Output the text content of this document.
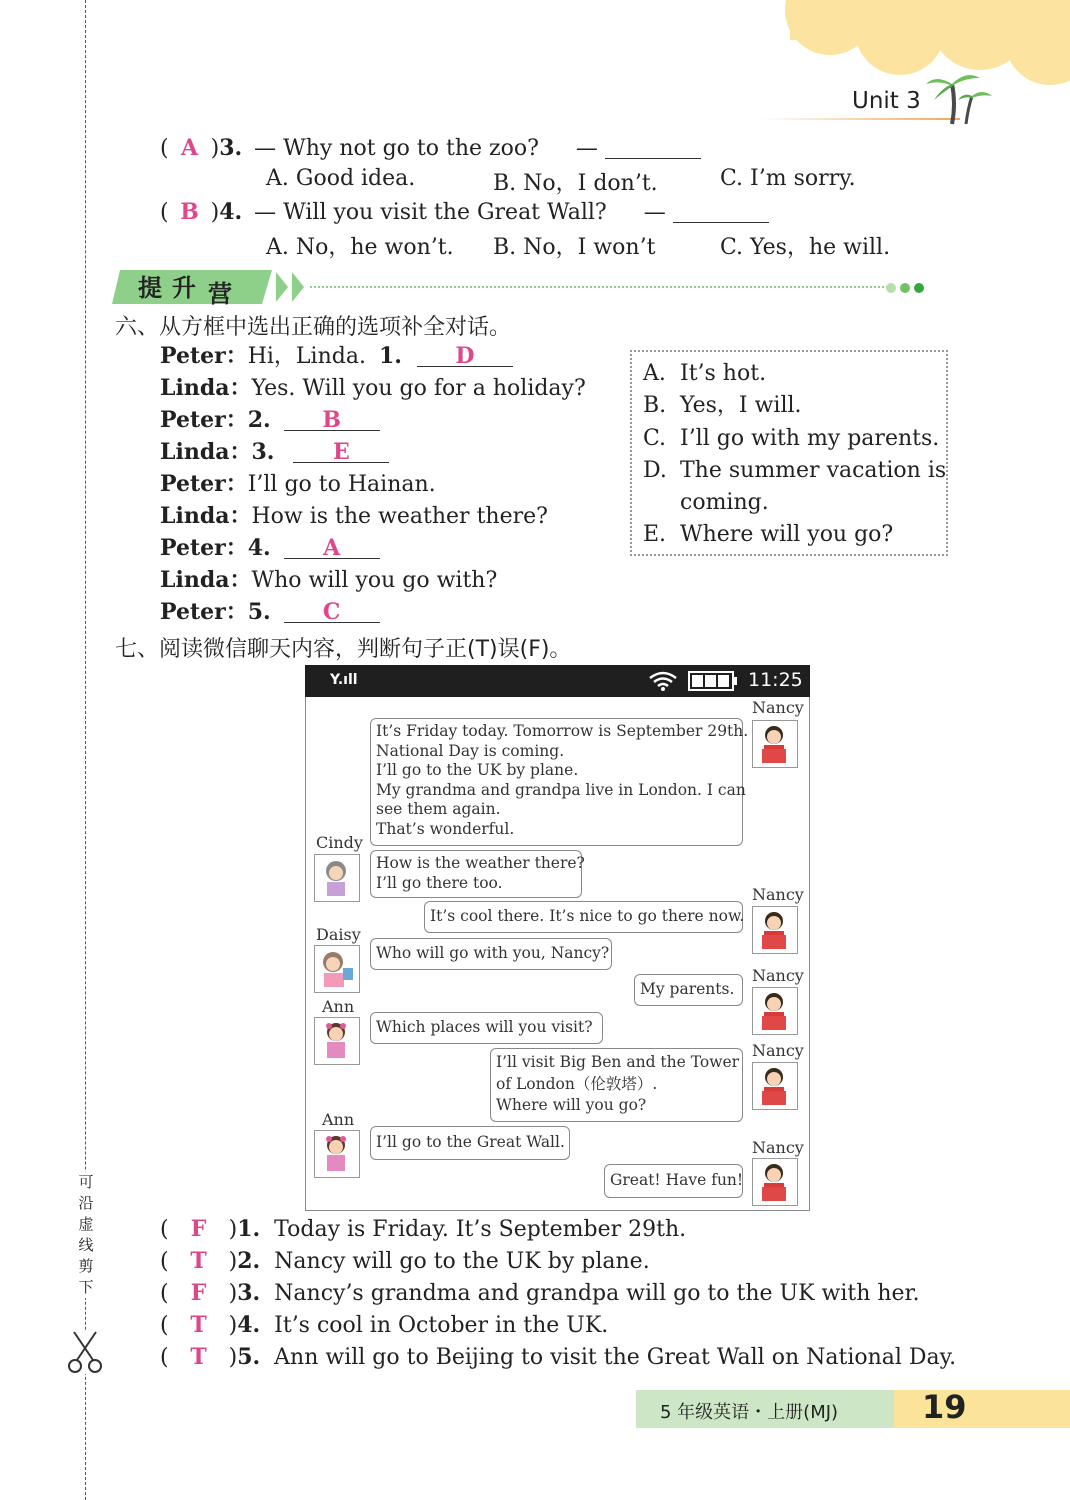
可
沿
虚
线
剪
下
Unit 3
( A )3. — Why not go to the zoo? —
A. Good idea.	B. No，I don’t.	C. I’m sorry.
( B )4. — Will you visit the Great Wall? —
A. No，he won’t. B. No，I won’t	C. Yes，he will.
提 升 营
六、从方框中选出正确的选项补全对话。
Peter：Hi，Linda. 1. D
Linda：Yes. Will you go for a holiday?
Peter：2. B
Linda：3.	E
Peter：I’ll go to Hainan.
Linda：How is the weather there?
Peter：4. A
Linda：Who will you go with?
Peter：5. C
A. It’s hot.
B. Yes，I will.
C. I’ll go with my parents.
D. The summer vacation is
coming.
E. Where will you go?
七、阅读微信聊天内容，判断句子正(T)误(F)。
Y.ıll	11:25
Nancy
It’s Friday today. Tomorrow is September 29th.
National Day is coming.
I’ll go to the UK by plane.
My grandma and grandpa live in London. I can
see them again.
That’s wonderful.
Cindy
How is the weather there?
I’ll go there too.
Nancy
It’s cool there. It’s nice to go there now.
Daisy
Who will go with you, Nancy?
Nancy
My parents.
Ann
Which places will you visit?
Nancy
I’ll visit Big Ben and the Tower
of London（伦敦塔）.
Where will you go?
Ann
I’ll go to the Great Wall.	Nancy
Great! Have fun!
( F )1. Today is Friday. It’s September 29th.
( T )2. Nancy will go to the UK by plane.
( F )3. Nancy’s grandma and grandpa will go to the UK with her.
( T )4. It’s cool in October in the UK.
( T )5. Ann will go to Beijing to visit the Great Wall on National Day.
5 年级英语・上册(MJ)	19
